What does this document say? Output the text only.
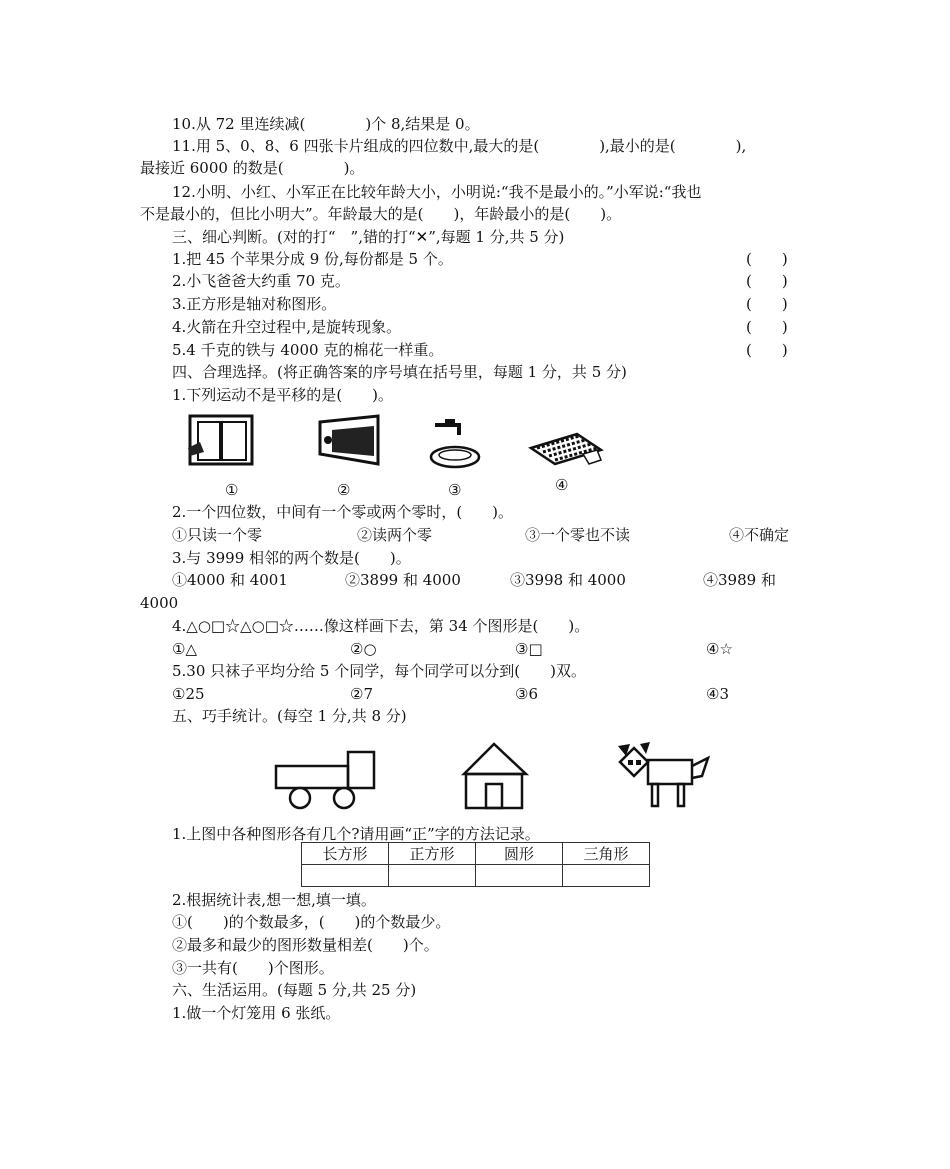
10.从 72 里连续减(　　　　)个 8,结果是 0。
11.用 5、0、8、6 四张卡片组成的四位数中,最大的是(　　　　),最小的是(　　　　),
最接近 6000 的数是(　　　　)。
12.小明、小红、小军正在比较年龄大小，小明说:“我不是最小的。”小军说:“我也
不是最小的，但比小明大”。年龄最大的是(　　)，年龄最小的是(　　)。
三、细心判断。(对的打“　”,错的打“✕”,每题 1 分,共 5 分)
1.把 45 个苹果分成 9 份,每份都是 5 个。	(　　)
2.小飞爸爸大约重 70 克。	(　　)
3.正方形是轴对称图形。	(　　)
4.火箭在升空过程中,是旋转现象。	(　　)
5.4 千克的铁与 4000 克的棉花一样重。	(　　)
四、合理选择。(将正确答案的序号填在括号里，每题 1 分，共 5 分)
1.下列运动不是平移的是(　　)。
①	②	③	④
2.一个四位数，中间有一个零或两个零时，(　　)。
①只读一个零	②读两个零	③一个零也不读	④不确定
3.与 3999 相邻的两个数是(　　)。
①4000 和 4001	②3899 和 4000	③3998 和 4000	④3989 和
4000
4.△○□☆△○□☆……像这样画下去，第 34 个图形是(　　)。
①△	②○	③□	④☆
5.30 只袜子平均分给 5 个同学，每个同学可以分到(　　)双。
①25	②7	③6	④3
五、巧手统计。(每空 1 分,共 8 分)
1.上图中各种图形各有几个?请用画“正”字的方法记录。
长方形	正方形	圆形	三角形

2.根据统计表,想一想,填一填。
①(　　)的个数最多，(　　)的个数最少。
②最多和最少的图形数量相差(　　)个。
③一共有(　　)个图形。
六、生活运用。(每题 5 分,共 25 分)
1.做一个灯笼用 6 张纸。
